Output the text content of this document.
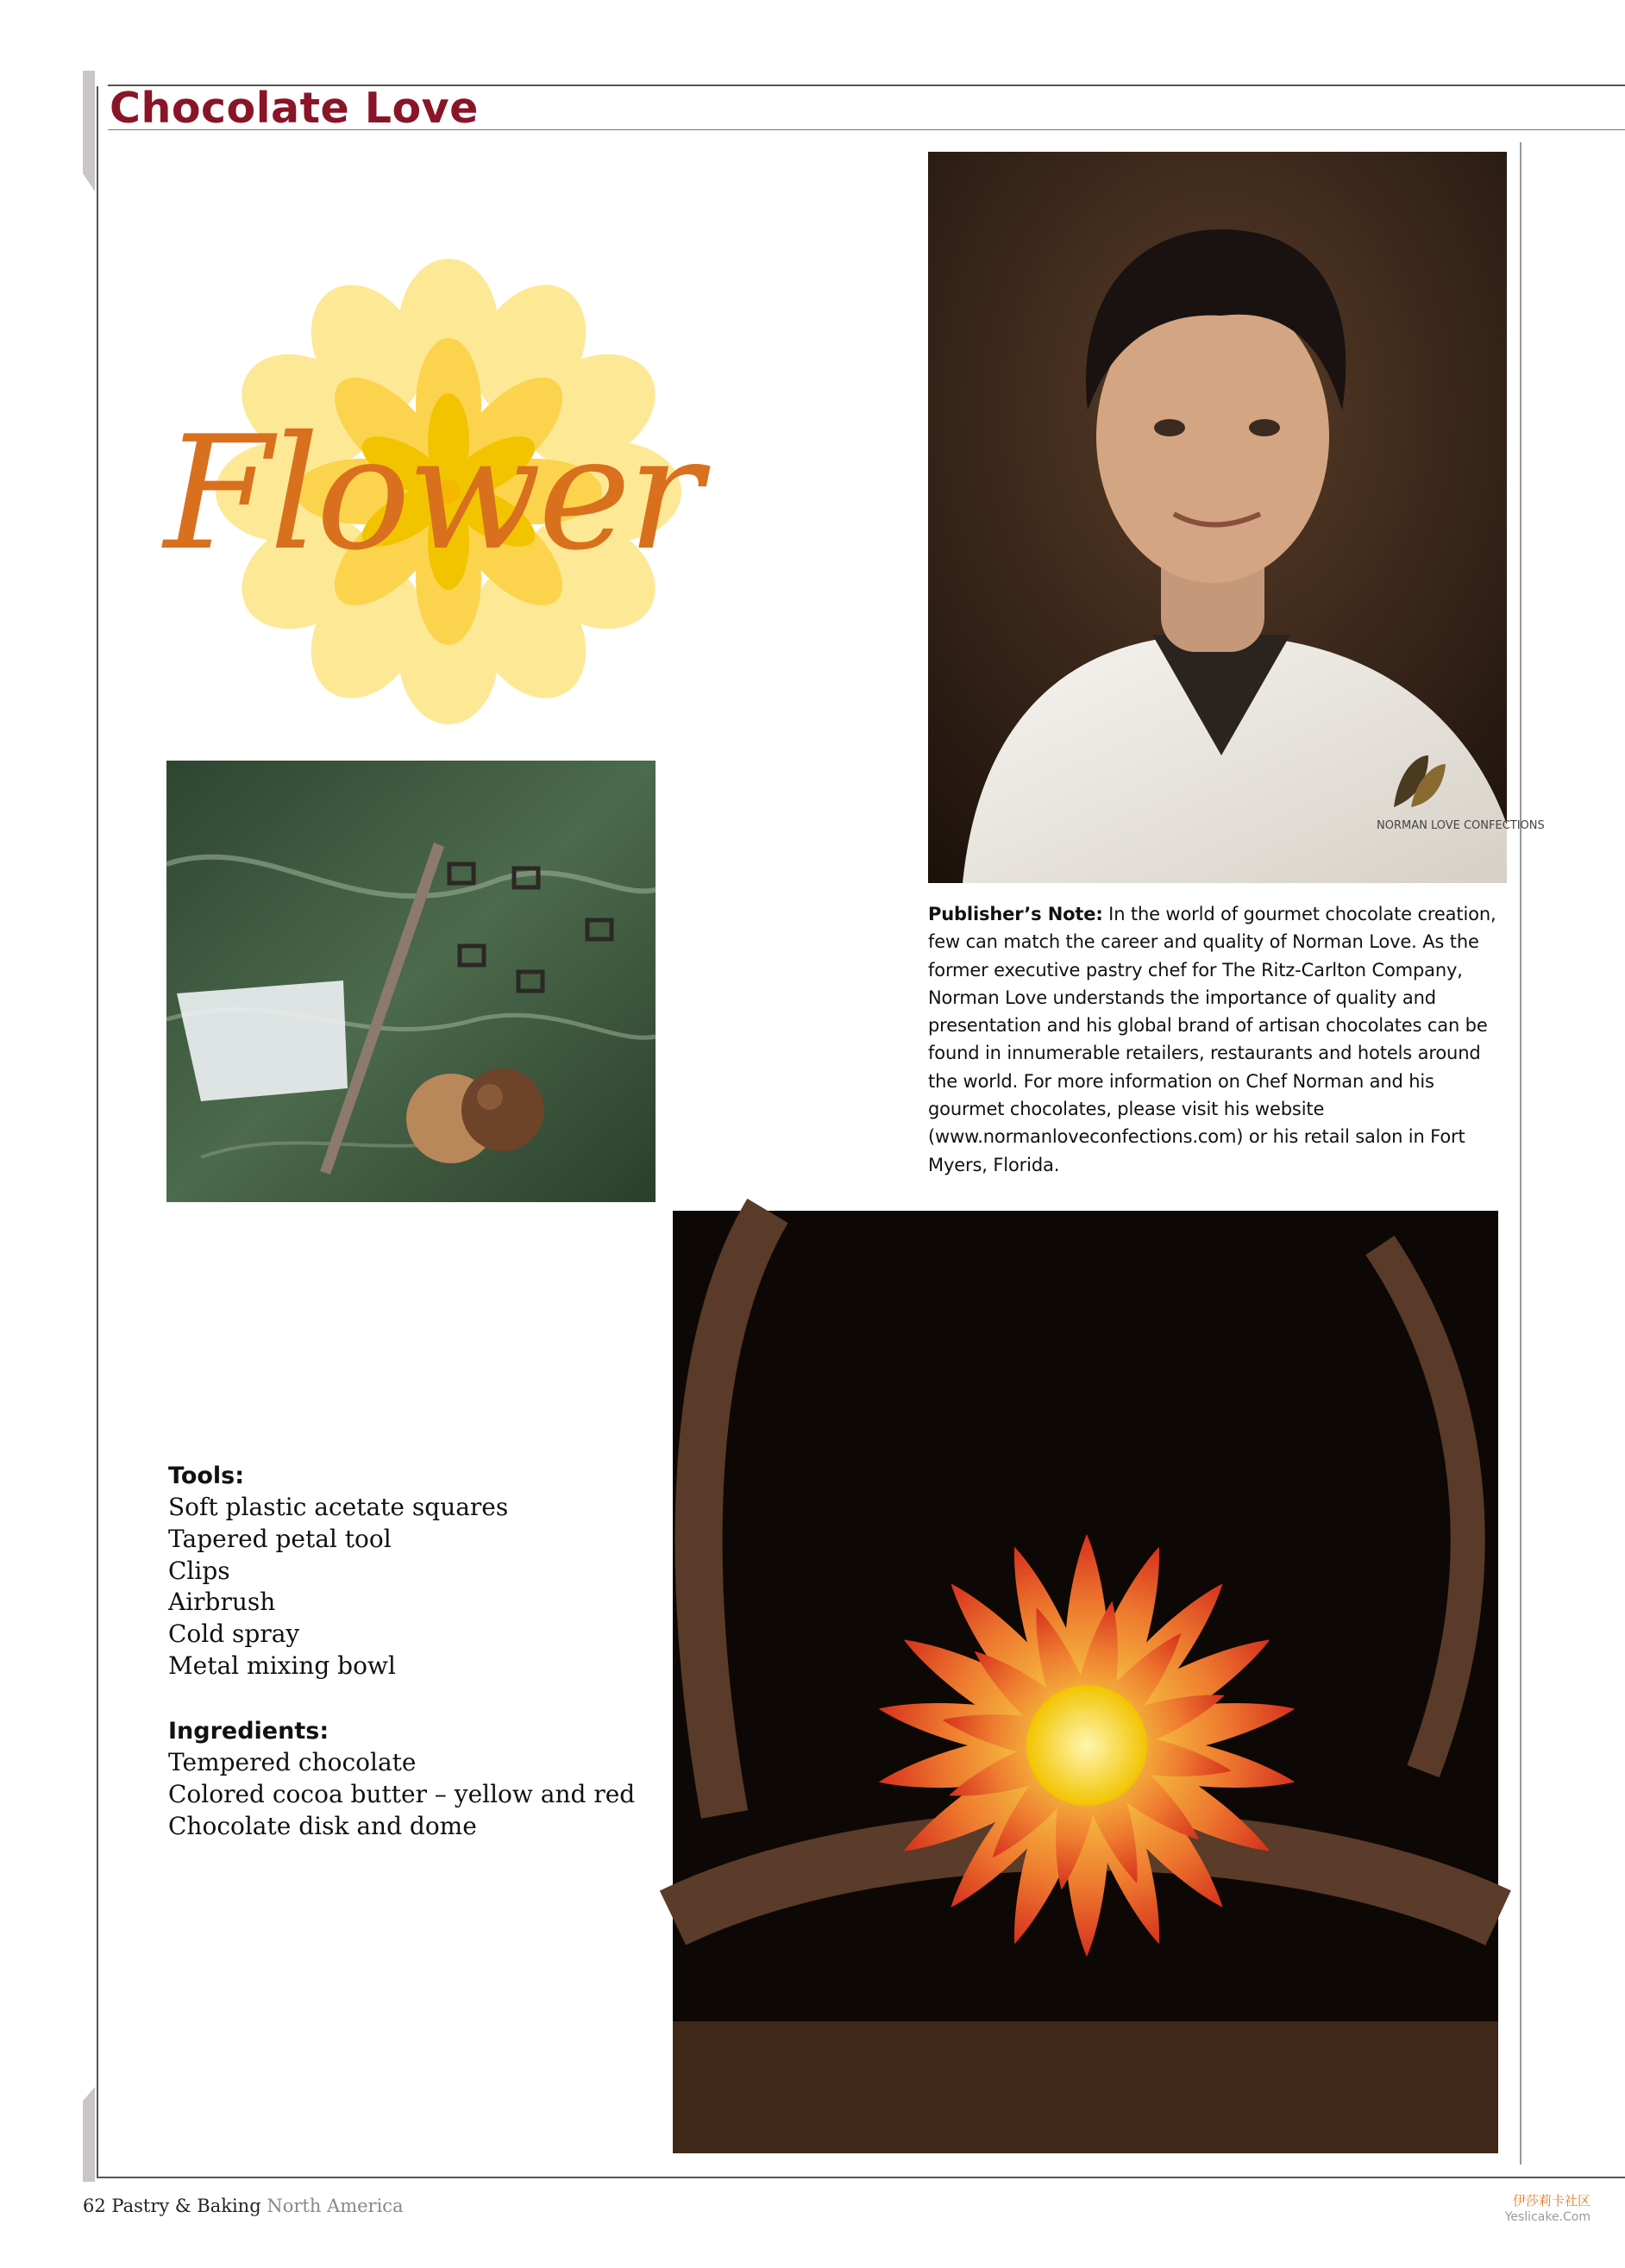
Chocolate Love
Flower
NORMAN LOVE CONFECTIONS
Publisher’s Note: In the world of gourmet chocolate creation, few can match the career and quality of Norman Love. As the former executive pastry chef for The Ritz-Carlton Company, Norman Love understands the importance of quality and presentation and his global brand of artisan chocolates can be found in innumerable retailers, restaurants and hotels around the world. For more information on Chef Norman and his gourmet chocolates, please visit his website (www.normanloveconfections.com) or his retail salon in Fort Myers, Florida.
Tools:
Soft plastic acetate squares
Tapered petal tool
Clips
Airbrush
Cold spray
Metal mixing bowl
Ingredients:
Tempered chocolate
Colored cocoa butter – yellow and red
Chocolate disk and dome
62 Pastry & Baking North America	伊莎莉卡社区
Yeslicake.Com
